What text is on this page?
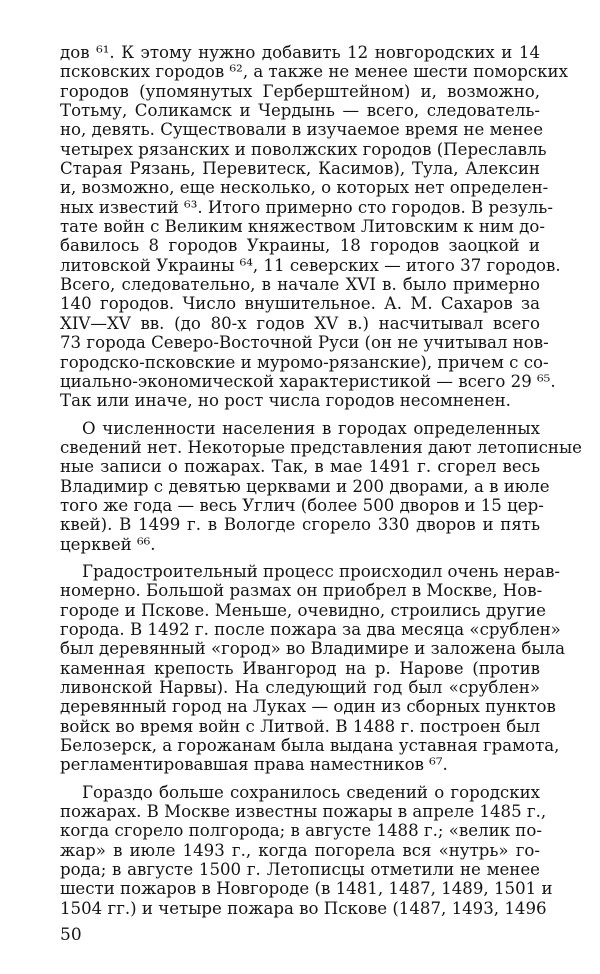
дов ⁶¹. К этому нужно добавить 12 новгородских и 14
псковских городов ⁶², а также не менее шести поморских
городов (упомянутых Герберштейном) и, возможно,
Тотьму, Соликамск и Чердынь — всего, следователь-
но, девять. Существовали в изучаемое время не менее
четырех рязанских и поволжских городов (Переславль
Старая Рязань, Перевитеск, Касимов), Тула, Алексин
и, возможно, еще несколько, о которых нет определен-
ных известий ⁶³. Итого примерно сто городов. В резуль-
тате войн с Великим княжеством Литовским к ним до-
бавилось 8 городов Украины, 18 городов заоцкой и
литовской Украины ⁶⁴, 11 северских — итого 37 городов.
Всего, следовательно, в начале XVI в. было примерно
140 городов. Число внушительное. А. М. Сахаров за
XIV—XV вв. (до 80-х годов XV в.) насчитывал всего
73 города Северо-Восточной Руси (он не учитывал нов-
городско-псковские и муромо-рязанские), причем с со-
циально-экономической характеристикой — всего 29 ⁶⁵.
Так или иначе, но рост числа городов несомненен.
О численности населения в городах определенных
сведений нет. Некоторые представления дают летописные
ные записи о пожарах. Так, в мае 1491 г. сгорел весь
Владимир с девятью церквами и 200 дворами, а в июле
того же года — весь Углич (более 500 дворов и 15 цер-
квей). В 1499 г. в Вологде сгорело 330 дворов и пять
церквей ⁶⁶.
Градостроительный процесс происходил очень нерав-
номерно. Большой размах он приобрел в Москве, Нов-
городе и Пскове. Меньше, очевидно, строились другие
города. В 1492 г. после пожара за два месяца «срублен»
был деревянный «город» во Владимире и заложена была
каменная крепость Ивангород на р. Нарове (против
ливонской Нарвы). На следующий год был «срублен»
деревянный город на Луках — один из сборных пунктов
войск во время войн с Литвой. В 1488 г. построен был
Белозерск, а горожанам была выдана уставная грамота,
регламентировавшая права наместников ⁶⁷.
Гораздо больше сохранилось сведений о городских
пожарах. В Москве известны пожары в апреле 1485 г.,
когда сгорело полгорода; в августе 1488 г.; «велик по-
жар» в июле 1493 г., когда погорела вся «нутрь» го-
рода; в августе 1500 г. Летописцы отметили не менее
шести пожаров в Новгороде (в 1481, 1487, 1489, 1501 и
1504 гг.) и четыре пожара во Пскове (1487, 1493, 1496
50
